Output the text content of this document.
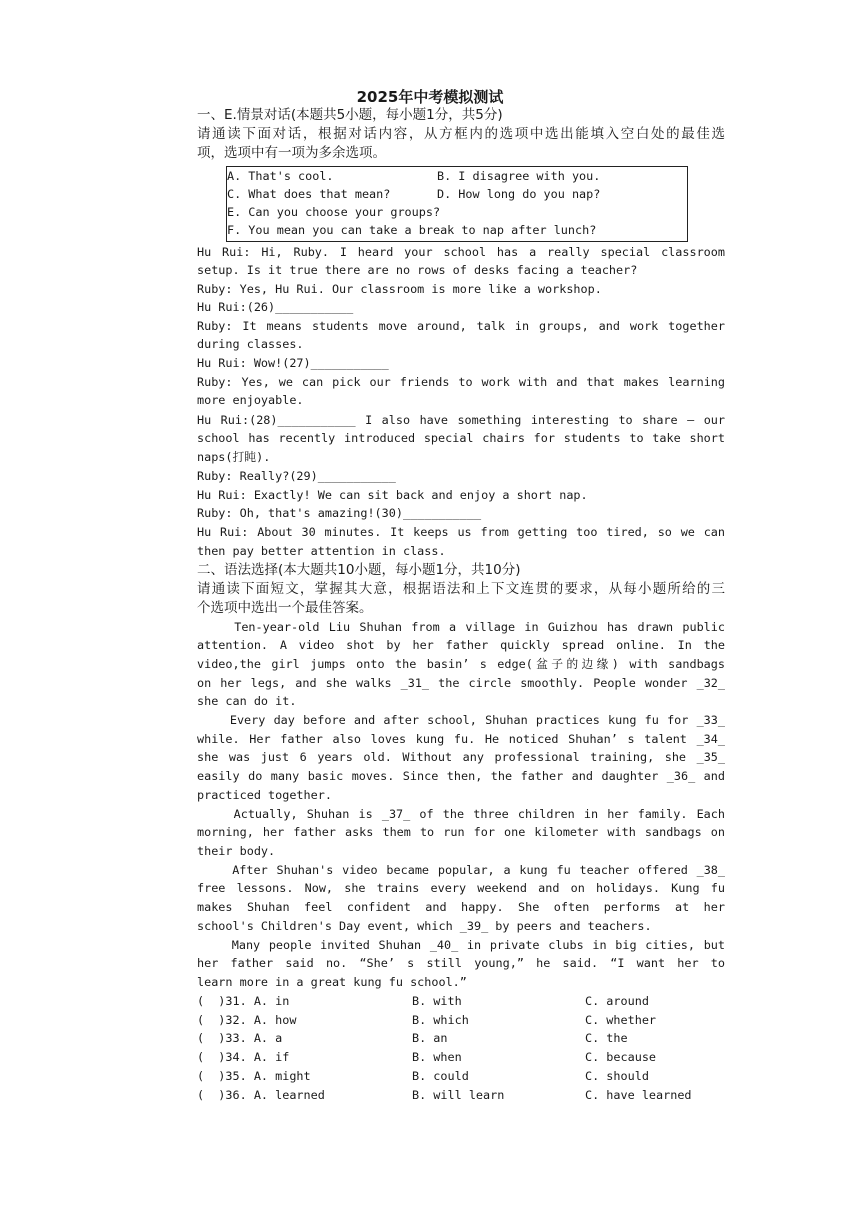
2025年中考模拟测试
一、E.情景对话(本题共5小题，每小题1分，共5分)
请通读下面对话，根据对话内容，从方框内的选项中选出能填入空白处的最佳选
项，选项中有一项为多余选项。
A. That's cool.	B. I disagree with you.
C. What does that mean?	D. How long do you nap?
E. Can you choose your groups?
F. You mean you can take a break to nap after lunch?
Hu Rui: Hi, Ruby. I heard your school has a really special classroom
setup. Is it true there are no rows of desks facing a teacher?
Ruby: Yes, Hu Rui. Our classroom is more like a workshop.
Hu Rui:(26)___________
Ruby: It means students move around, talk in groups, and work together
during classes.
Hu Rui: Wow!(27)___________
Ruby: Yes, we can pick our friends to work with and that makes learning
more enjoyable.
Hu Rui:(28)___________ I also have something interesting to share — our
school has recently introduced special chairs for students to take short
naps(打盹).
Ruby: Really?(29)___________
Hu Rui: Exactly! We can sit back and enjoy a short nap.
Ruby: Oh, that's amazing!(30)___________
Hu Rui: About 30 minutes. It keeps us from getting too tired, so we can
then pay better attention in class.
二、语法选择(本大题共10小题，每小题1分，共10分)
请通读下面短文，掌握其大意，根据语法和上下文连贯的要求，从每小题所给的三
个选项中选出一个最佳答案。
Ten-year-old Liu Shuhan from a village in Guizhou has drawn public
attention. A video shot by her father quickly spread online. In the
video,the girl jumps onto the basin’ s edge(盆子的边缘) with sandbags
on her legs, and she walks _31_ the circle smoothly. People wonder _32_
she can do it.
Every day before and after school, Shuhan practices kung fu for _33_
while. Her father also loves kung fu. He noticed Shuhan’ s talent _34_
she was just 6 years old. Without any professional training, she _35_
easily do many basic moves. Since then, the father and daughter _36_ and
practiced together.
Actually, Shuhan is _37_ of the three children in her family. Each
morning, her father asks them to run for one kilometer with sandbags on
their body.
After Shuhan's video became popular, a kung fu teacher offered _38_
free lessons. Now, she trains every weekend and on holidays. Kung fu
makes Shuhan feel confident and happy. She often performs at her
school's Children's Day event, which _39_ by peers and teachers.
Many people invited Shuhan _40_ in private clubs in big cities, but
her father said no. “She’ s still young,” he said. “I want her to
learn more in a great kung fu school.”
(  )31. A. in	B. with	C. around
(  )32. A. how	B. which	C. whether
(  )33. A. a	B. an	C. the
(  )34. A. if	B. when	C. because
(  )35. A. might	B. could	C. should
(  )36. A. learned	B. will learn	C. have learned
